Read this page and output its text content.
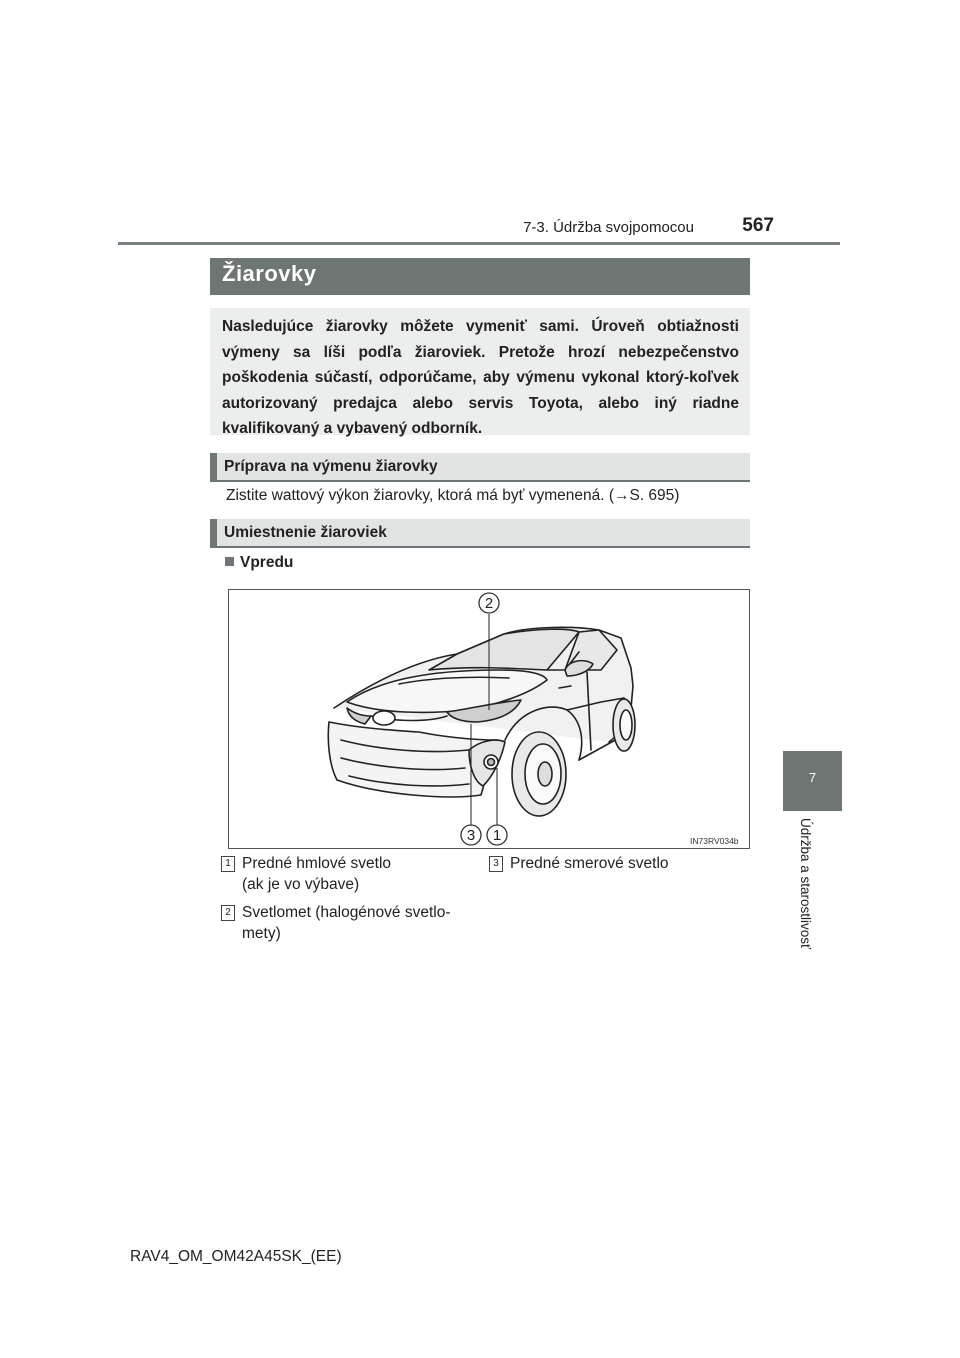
7-3. Údržba svojpomocou	567
7
Údržba a starostlivosť
Žiarovky
Nasledujúce žiarovky môžete vymeniť sami. Úroveň obtiažnosti výmeny sa líši podľa žiaroviek. Pretože hrozí nebezpečenstvo poškodenia súčastí, odporúčame, aby výmenu vykonal ktorý-koľvek autorizovaný predajca alebo servis Toyota, alebo iný riadne kvalifikovaný a vybavený odborník.
Príprava na výmenu žiarovky
Zistite wattový výkon žiarovky, ktorá má byť vymenená. (→S. 695)
Umiestnenie žiaroviek
Vpredu
2
3 1	IN73RV034b
1 Predné hmlové svetlo
(ak je vo výbave)
2 Svetlomet (halogénové svetlo-
mety)
3 Predné smerové svetlo
RAV4_OM_OM42A45SK_(EE)
